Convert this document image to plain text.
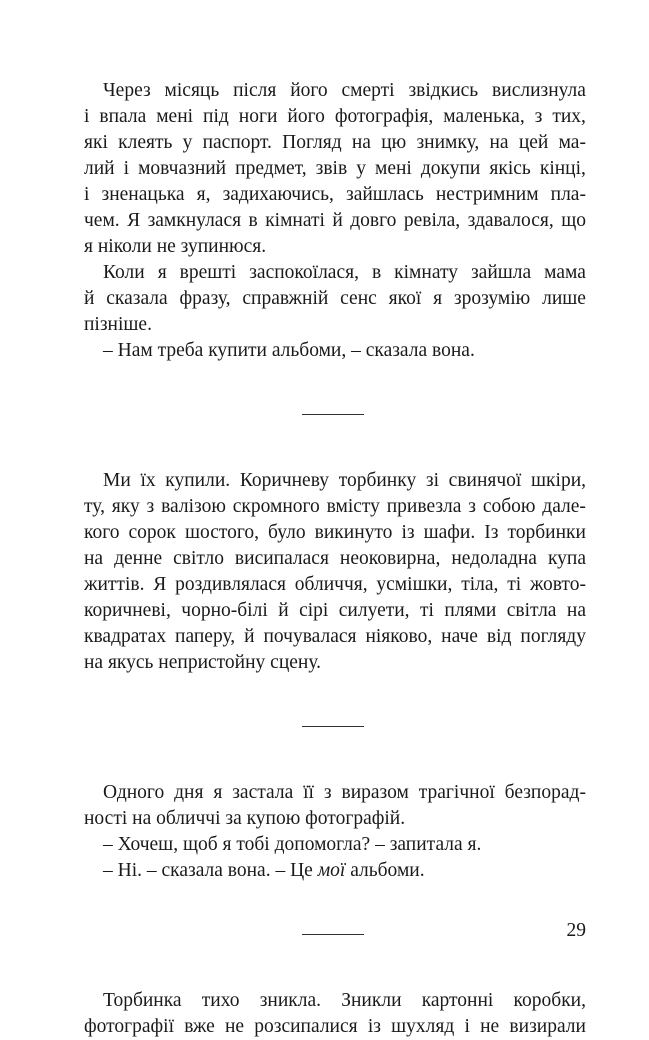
Через місяць після його смерті звідкись вислизнула
і впала мені під ноги його фотографія, маленька, з тих,
які клеять у паспорт. Погляд на цю знимку, на цей ма-
лий і мовчазний предмет, звів у мені докупи якісь кінці,
і зненацька я, задихаючись, зайшлась нестримним пла-
чем. Я замкнулася в кімнаті й довго ревіла, здавалося, що
я ніколи не зупинюся.
Коли я врешті заспокоїлася, в кімнату зайшла мама
й сказала фразу, справжній сенс якої я зрозумію лише
пізніше.
– Нам треба купити альбоми, – сказала вона.
Ми їх купили. Коричневу торбинку зі свинячої шкіри,
ту, яку з валізою скромного вмісту привезла з собою дале-
кого сорок шостого, було викинуто із шафи. Із торбинки
на денне світло висипалася неоковирна, недоладна купа
життів. Я роздивлялася обличчя, усмішки, тіла, ті жовто-
коричневі, чорно-білі й сірі силуети, ті плями світла на
квадратах паперу, й почувалася ніяково, наче від погляду
на якусь непристойну сцену.
Одного дня я застала її з виразом трагічної безпорад-
ності на обличчі за купою фотографій.
– Хочеш, щоб я тобі допомогла? – запитала я.
– Ні. – сказала вона. – Це мої альбоми.
Торбинка тихо зникла. Зникли картонні коробки,
фотографії вже не розсипалися із шухляд і не визирали
29
